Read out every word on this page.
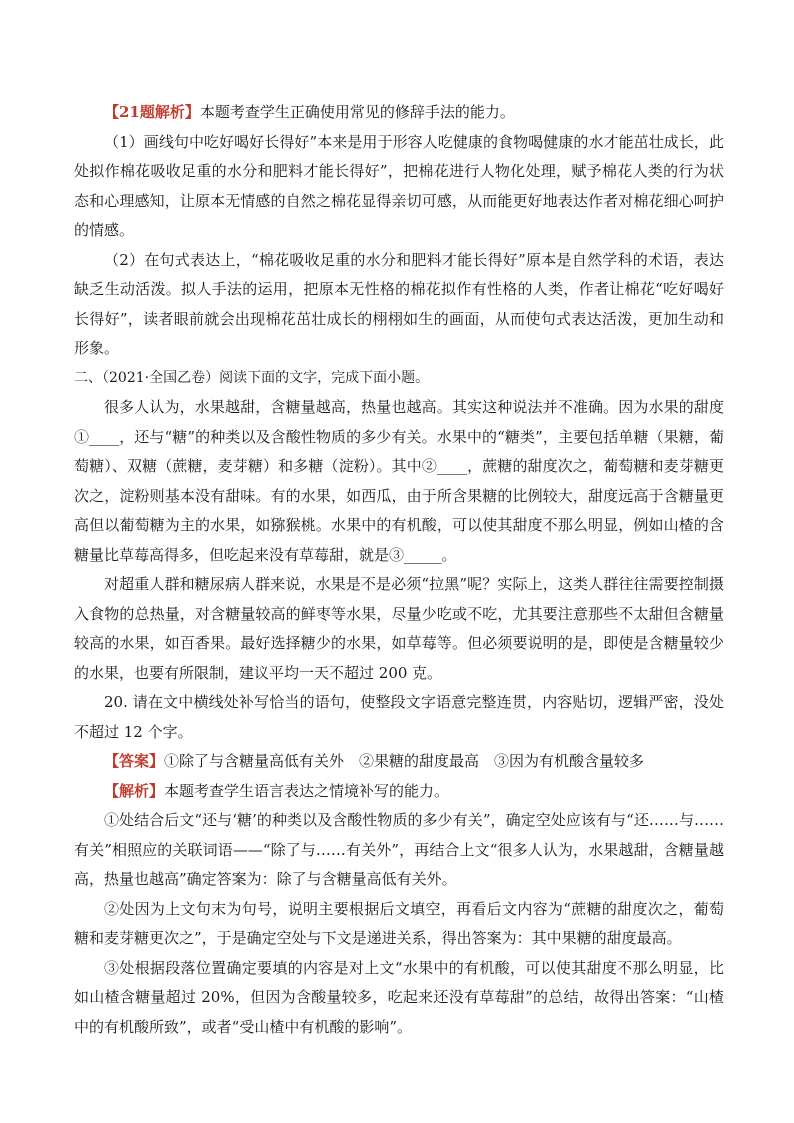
【21题解析】本题考查学生正确使用常见的修辞手法的能力。

（1）画线句中吃好喝好长得好”本来是用于形容人吃健康的食物喝健康的水才能茁壮成长，此处拟作棉花吸收足重的水分和肥料才能长得好”，把棉花进行人物化处理，赋予棉花人类的行为状态和心理感知，让原本无情感的自然之棉花显得亲切可感，从而能更好地表达作者对棉花细心呵护的情感。

（2）在句式表达上，“棉花吸收足重的水分和肥料才能长得好”原本是自然学科的术语，表达缺乏生动活泼。拟人手法的运用，把原本无性格的棉花拟作有性格的人类，作者让棉花“吃好喝好长得好”，读者眼前就会出现棉花茁壮成长的栩栩如生的画面，从而使句式表达活泼，更加生动和形象。

二、（2021·全国乙卷）阅读下面的文字，完成下面小题。

很多人认为，水果越甜，含糖量越高，热量也越高。其实这种说法并不准确。因为水果的甜度①____，还与“糖”的种类以及含酸性物质的多少有关。水果中的“糖类”，主要包括单糖（果糖，葡萄糖）、双糖（蔗糖，麦芽糖）和多糖（淀粉）。其中②____，蔗糖的甜度次之，葡萄糖和麦芽糖更次之，淀粉则基本没有甜味。有的水果，如西瓜，由于所含果糖的比例较大，甜度远高于含糖量更高但以葡萄糖为主的水果，如猕猴桃。水果中的有机酸，可以使其甜度不那么明显，例如山楂的含糖量比草莓高得多，但吃起来没有草莓甜，就是③_____。

对超重人群和糖尿病人群来说，水果是不是必须“拉黑”呢？实际上，这类人群往往需要控制摄入食物的总热量，对含糖量较高的鲜枣等水果，尽量少吃或不吃，尤其要注意那些不太甜但含糖量较高的水果，如百香果。最好选择糖少的水果，如草莓等。但必须要说明的是，即使是含糖量较少的水果，也要有所限制，建议平均一天不超过 200 克。

20. 请在文中横线处补写恰当的语句，使整段文字语意完整连贯，内容贴切，逻辑严密，没处不超过 12 个字。

【答案】①除了与含糖量高低有关外　②果糖的甜度最高　③因为有机酸含量较多

【解析】本题考查学生语言表达之情境补写的能力。

①处结合后文“还与‘糖’的种类以及含酸性物质的多少有关”，确定空处应该有与“还……与……有关”相照应的关联词语——“除了与……有关外”，再结合上文“很多人认为，水果越甜，含糖量越高，热量也越高”确定答案为：除了与含糖量高低有关外。

②处因为上文句末为句号，说明主要根据后文填空，再看后文内容为“蔗糖的甜度次之，葡萄糖和麦芽糖更次之”，于是确定空处与下文是递进关系，得出答案为：其中果糖的甜度最高。

③处根据段落位置确定要填的内容是对上文“水果中的有机酸，可以使其甜度不那么明显，比如山楂含糖量超过 20%，但因为含酸量较多，吃起来还没有草莓甜”的总结，故得出答案：“山楂中的有机酸所致”，或者“受山楂中有机酸的影响”。
